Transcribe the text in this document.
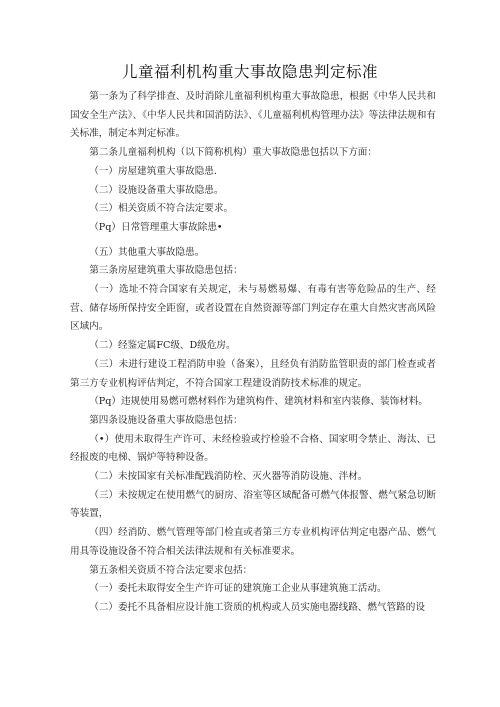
儿童福利机构重大事故隐患判定标准

第一条为了科学排查、及时消除儿童福利机构重大事故隐患，根据《中华人民共和国安全生产法》、《中华人民共和国消防法》、《儿童福利机构管理办法》等法律法规和有关标准，制定本判定标准。

第二条儿童福利机构（以下简称机构）重大事故隐患包括以下方面：

（一）房屋建筑重大事故隐患.

（二）设施设备重大事故隐患。

（三）相关资质不符合法定要求。

（Pq）日常管理重大事故除患•

（五）其他重大事故隐患。

第三条房屋建筑重大事故隐患包括：

（一）选址不符合国家有关规定，未与易燃易爆、有毒有害等危险品的生产、经营、储存场所保持安全距窗，或者设置在自然资源等部门判定存在重大自然灾害高风险区域内。

（二）经鉴定属FC级、D级危房。

（三）未进行建设工程消防申验（备案），且经负有消防监管职责的部门检查或者第三方专业机构评估判定，不符合国家工程建设消防技术标准的规定。

（Pq）违规使用易燃可燃材料作为建筑构件、建筑材料和室内装修、装饰材料。

第四条设施设备重大事故隐患包括：

（•）使用未取得生产许可、未经检验或拧检验不合格、国家明令禁止、海汰、已经报废的电梯、锅炉等特种设备。

（二）未按国家有关标准配践消防栓、灭火器等消防设施、泮材。

（三）未按规定在使用燃气的厨房、浴室等区域配备可燃气体报警、燃气紧急切断等装置，

（四）经消防、燃气管理等部门检直或者第三方专业机构评估判定电器产品、燃气用具等设施设备不符合相关法律法规和有关标准要求。

第五条相关资质不符合法定要求包括：

（一）委托未取得安全生产许可证的建筑施工企业从事建筑施工活动。

（二）委托不具备相应设计施工资质的机构或人员实施电器线路、燃气管路的设
